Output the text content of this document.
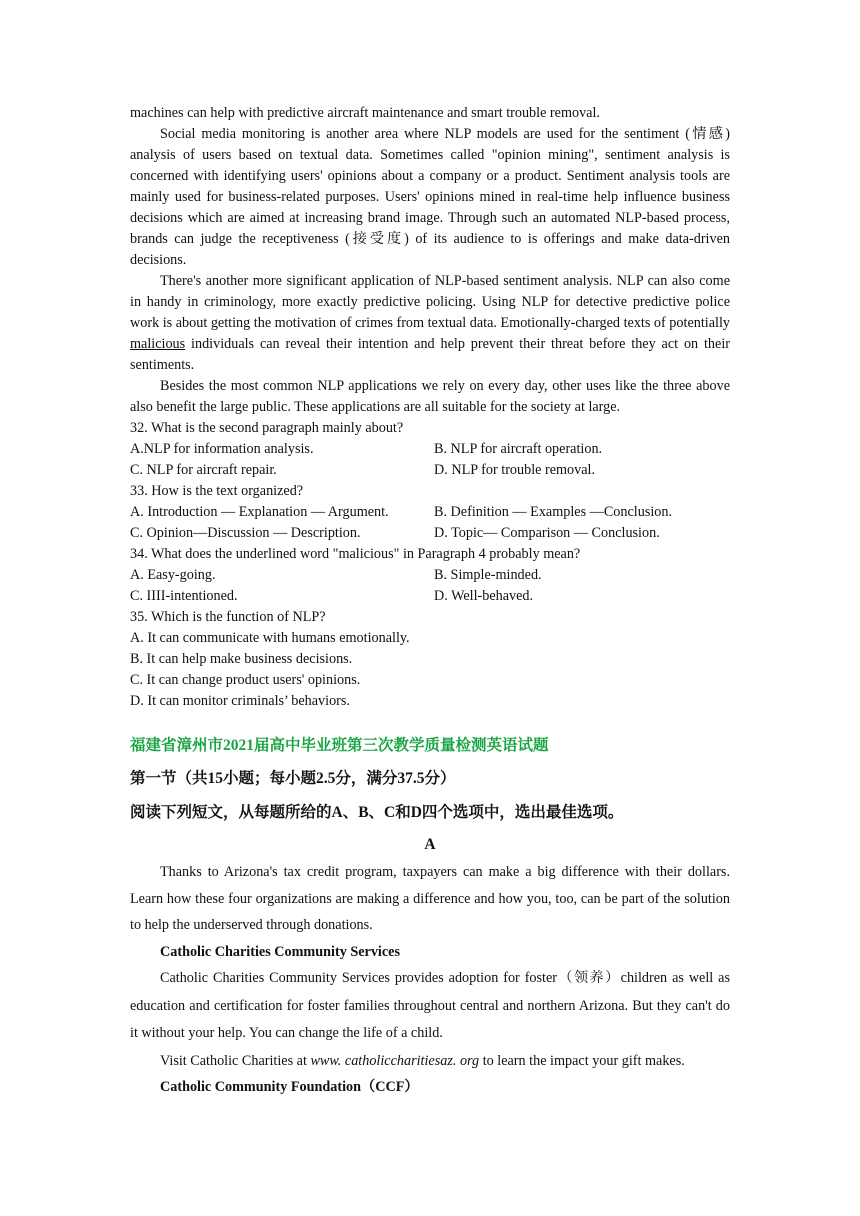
machines can help with predictive aircraft maintenance and smart trouble removal.
Social media monitoring is another area where NLP models are used for the sentiment (情感) analysis of users based on textual data. Sometimes called "opinion mining", sentiment analysis is concerned with identifying users' opinions about a company or a product. Sentiment analysis tools are mainly used for business-related purposes. Users' opinions mined in real-time help influence business decisions which are aimed at increasing brand image. Through such an automated NLP-based process, brands can judge the receptiveness (接受度) of its audience to is offerings and make data-driven decisions.
There's another more significant application of NLP-based sentiment analysis. NLP can also come in handy in criminology, more exactly predictive policing. Using NLP for detective predictive police work is about getting the motivation of crimes from textual data. Emotionally-charged texts of potentially malicious individuals can reveal their intention and help prevent their threat before they act on their sentiments.
Besides the most common NLP applications we rely on every day, other uses like the three above also benefit the large public. These applications are all suitable for the society at large.
32. What is the second paragraph mainly about?
A.NLP for information analysis.	B. NLP for aircraft operation.
C. NLP for aircraft repair.	D. NLP for trouble removal.
33. How is the text organized?
A. Introduction — Explanation — Argument.	B. Definition — Examples —Conclusion.
C. Opinion—Discussion — Description.	D. Topic— Comparison — Conclusion.
34. What does the underlined word "malicious" in Paragraph 4 probably mean?
A. Easy-going.	B. Simple-minded.
C. IIII-intentioned.	D. Well-behaved.
35. Which is the function of NLP?
A. It can communicate with humans emotionally.
B. It can help make business decisions.
C. It can change product users' opinions.
D. It can monitor criminals’ behaviors.
福建省漳州市2021届高中毕业班第三次教学质量检测英语试题
第一节（共15小题；每小题2.5分，满分37.5分）
阅读下列短文，从每题所给的A、B、C和D四个选项中，选出最佳选项。
A
Thanks to Arizona's tax credit program, taxpayers can make a big difference with their dollars. Learn how these four organizations are making a difference and how you, too, can be part of the solution to help the underserved through donations.
Catholic Charities Community Services
Catholic Charities Community Services provides adoption for foster（领养）children as well as education and certification for foster families throughout central and northern Arizona. But they can't do it without your help. You can change the life of a child.
Visit Catholic Charities at www. catholiccharitiesaz. org to learn the impact your gift makes.
Catholic Community Foundation（CCF）
